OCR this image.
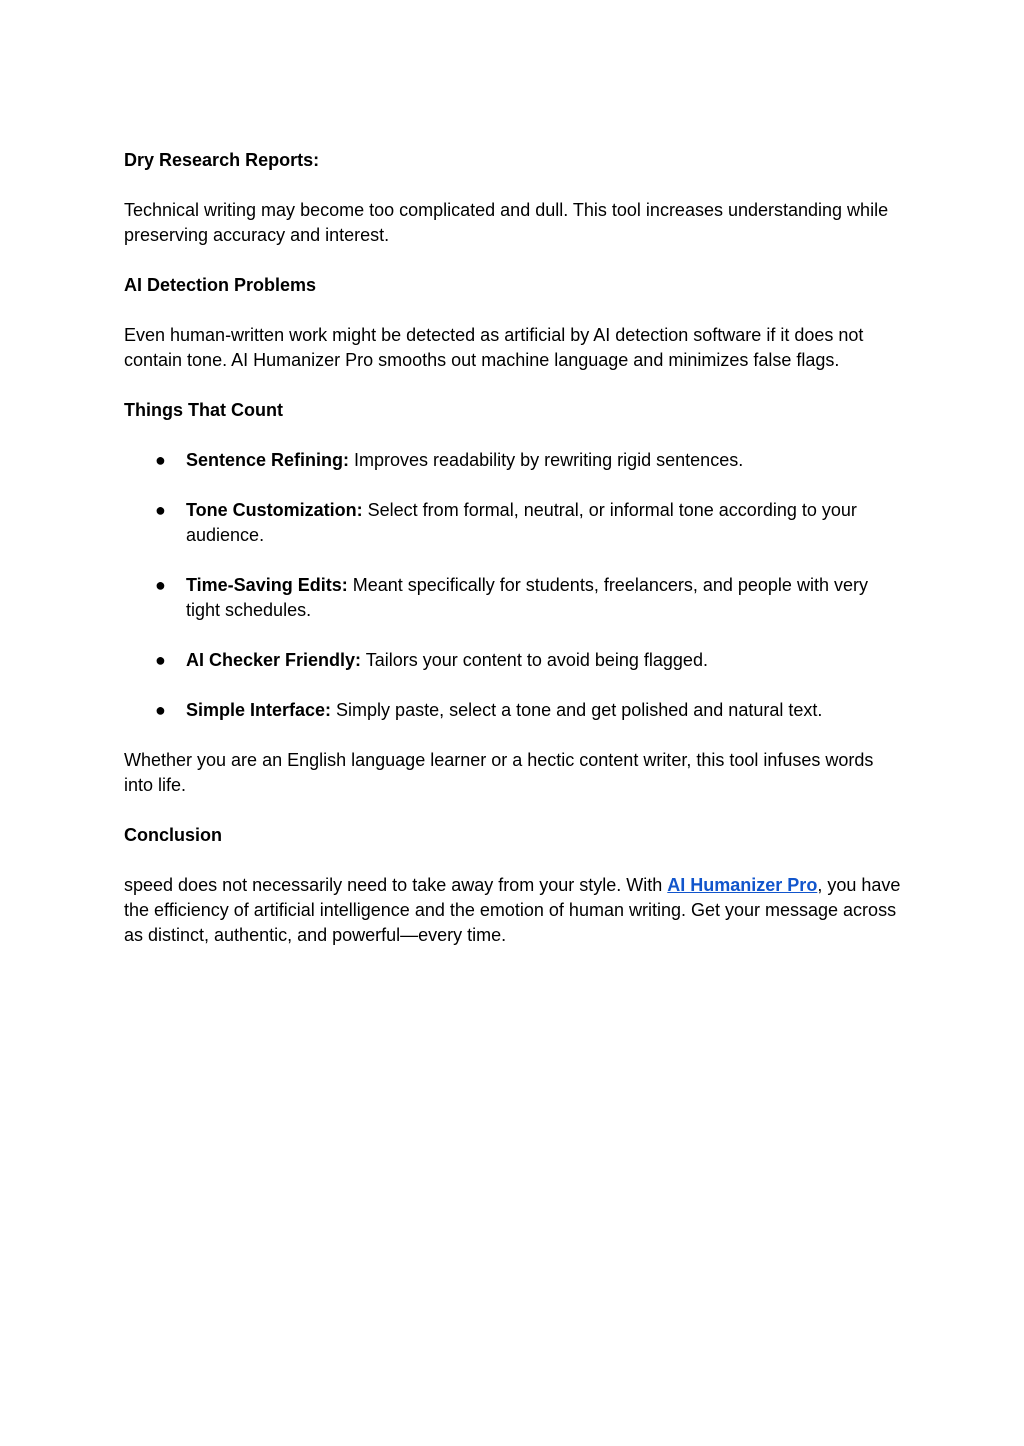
Dry Research Reports:

Technical writing may become too complicated and dull. This tool increases understanding while preserving accuracy and interest.

AI Detection Problems

Even human-written work might be detected as artificial by AI detection software if it does not contain tone. AI Humanizer Pro smooths out machine language and minimizes false flags.

Things That Count

● Sentence Refining: Improves readability by rewriting rigid sentences.
● Tone Customization: Select from formal, neutral, or informal tone according to your audience.
● Time-Saving Edits: Meant specifically for students, freelancers, and people with very tight schedules.
● AI Checker Friendly: Tailors your content to avoid being flagged.
● Simple Interface: Simply paste, select a tone and get polished and natural text.

Whether you are an English language learner or a hectic content writer, this tool infuses words into life.

Conclusion

speed does not necessarily need to take away from your style. With AI Humanizer Pro, you have the efficiency of artificial intelligence and the emotion of human writing. Get your message across as distinct, authentic, and powerful—every time.
